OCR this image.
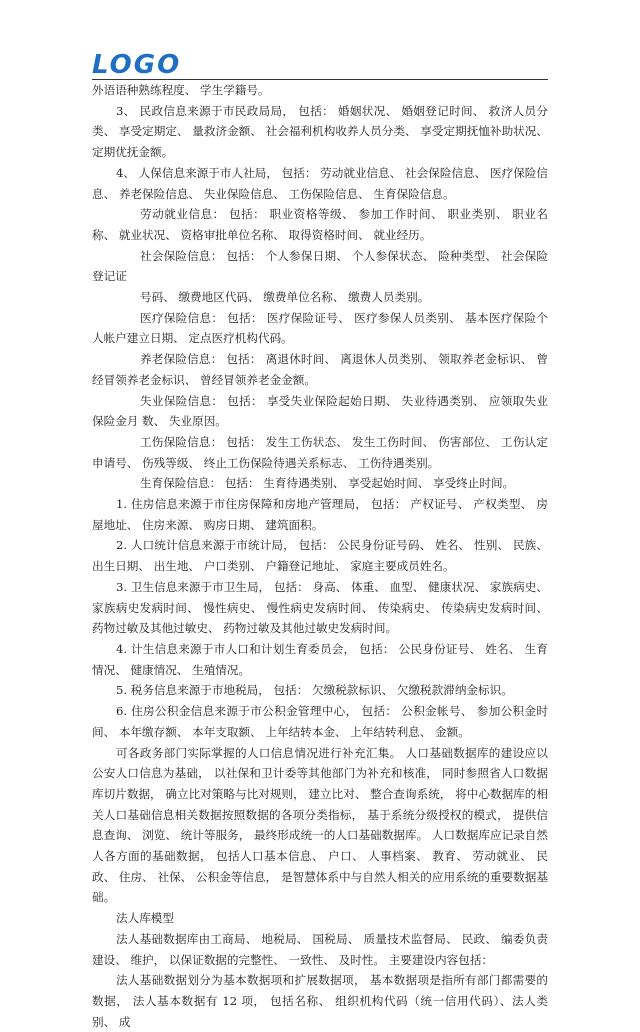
LOGO

外语语种熟练程度、 学生学籍号。

3、 民政信息来源于市民政局局， 包括： 婚姻状况、 婚姻登记时间、 救济人员分类、 享受定期定、 量救济金额、 社会福利机构收养人员分类、 享受定期抚恤补助状况、 定期优抚金额。

4、 人保信息来源于市人社局， 包括： 劳动就业信息、 社会保险信息、 医疗保险信息、 养老保险信息、 失业保险信息、 工伤保险信息、 生育保险信息。

劳动就业信息： 包括： 职业资格等级、 参加工作时间、 职业类别、 职业名称、 就业状况、 资格审批单位名称、 取得资格时间、 就业经历。

社会保险信息： 包括： 个人参保日期、 个人参保状态、 险种类型、 社会保险登记证

号码、 缴费地区代码、 缴费单位名称、 缴费人员类别。

医疗保险信息： 包括： 医疗保险证号、 医疗参保人员类别、 基本医疗保险个人帐户建立日期、 定点医疗机构代码。

养老保险信息： 包括： 离退休时间、 离退休人员类别、 领取养老金标识、 曾经冒领养老金标识、 曾经冒领养老金金额。

失业保险信息： 包括： 享受失业保险起始日期、 失业待遇类别、 应领取失业保险金月 数、 失业原因。

工伤保险信息： 包括： 发生工伤状态、 发生工伤时间、 伤害部位、 工伤认定申请号、 伤残等级、 终止工伤保险待遇关系标志、 工伤待遇类别。

生育保险信息： 包括： 生育待遇类别、 享受起始时间、 享受终止时间。

1. 住房信息来源于市住房保障和房地产管理局， 包括： 产权证号、 产权类型、 房屋地址、 住房来源、 购房日期、 建筑面积。

2. 人口统计信息来源于市统计局， 包括： 公民身份证号码、 姓名、 性别、 民族、 出生日期、 出生地、 户口类别、 户籍登记地址、 家庭主要成员姓名。

3. 卫生信息来源于市卫生局， 包括： 身高、 体重、 血型、 健康状况、 家族病史、 家族病史发病时间、 慢性病史、 慢性病史发病时间、 传染病史、 传染病史发病时间、 药物过敏及其他过敏史、 药物过敏及其他过敏史发病时间。

4. 计生信息来源于市人口和计划生育委员会， 包括： 公民身份证号、 姓名、 生育情况、 健康情况、 生殖情况。

5. 税务信息来源于市地税局， 包括： 欠缴税款标识、 欠缴税款滞纳金标识。

6. 住房公积金信息来源于市公积金管理中心， 包括： 公积金帐号、 参加公积金时间、 本年缴存额、 本年支取额、 上年结转本金、 上年结转利息、 金额。

可各政务部门实际掌握的人口信息情况进行补充汇集。 人口基础数据库的建设应以公安人口信息为基础， 以社保和卫计委等其他部门为补充和核准， 同时参照省人口数据库切片数据， 确立比对策略与比对规则， 建立比对、 整合查询系统， 将中心数据库的相关人口基础信息相关数据按照数据的各项分类指标， 基于系统分级授权的模式， 提供信息查询、 浏览、 统计等服务， 最终形成统一的人口基础数据库。 人口数据库应记录自然人各方面的基础数据， 包括人口基本信息、 户口、 人事档案、 教育、 劳动就业、 民政、 住房、 社保、 公积金等信息， 是智慧体系中与自然人相关的应用系统的重要数据基础。

法人库模型

法人基础数据库由工商局、 地税局、 国税局、 质量技术监督局、 民政、 编委负责建设、 维护， 以保证数据的完整性、 一致性、 及时性。 主要建设内容包括：

法人基础数据划分为基本数据项和扩展数据项， 基本数据项是指所有部门都需要的数据， 法人基本数据有 12 项， 包括名称、 组织机构代码（统一信用代码）、法人类别、 成
